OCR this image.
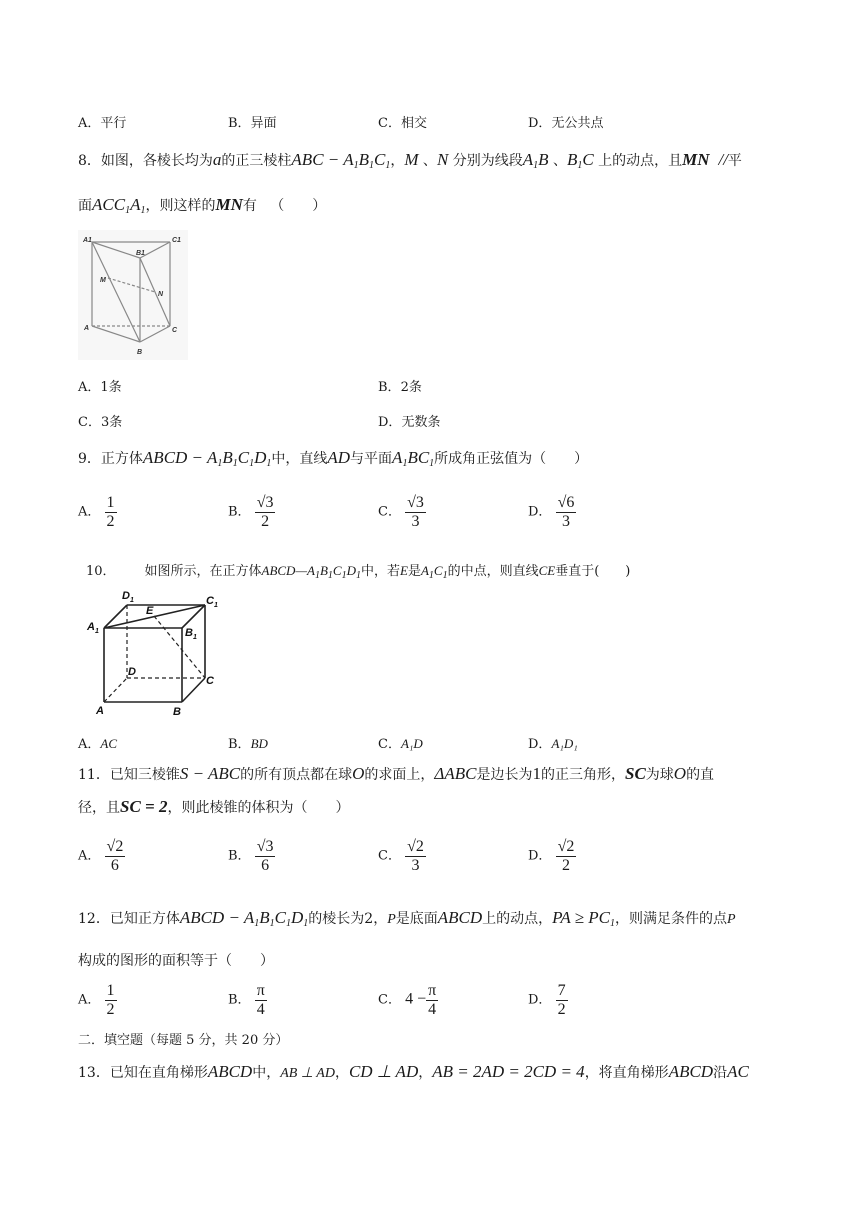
A．平行	B．异面	C．相交	D．无公共点
8．如图，各棱长均为a的正三棱柱ABC − $A_1B_1C_1$，M 、N 分别为线段$A_1B$ 、$B_1C$ 上的动点，且MN //平
面$ACC_1A_1$，则这样的MN有 （　　）
A1
B1
C1
M
N
A	C
B
A．1条	B．2条
C．3条	D．无数条
9．正方体ABCD − $A_1B_1C_1D_1$中，直线AD与平面$A_1BC_1$所成角正弦值为（　　）
A． $\frac{1}{2}$	B． $\frac{√3}{2}$	C． $\frac{√3}{3}$	D． $\frac{√6}{3}$
10． 如图所示，在正方体$ABCD—A_1B_1C_1D_1$中，若E是$A_1C_1$的中点，则直线CE垂直于(　　)
$D_1$
E
$C_1$
$A_1$	$B_1$
D
C
A	B
A．AC	B．BD	C．A₁D	D．A₁D₁
11．已知三棱锥S − ABC的所有顶点都在球O的求面上，ΔABC是边长为1的正三角形，SC为球O的直
径，且SC = 2，则此棱锥的体积为（　　）
A． $\frac{√2}{6}$	B． $\frac{√3}{6}$	C． $\frac{√2}{3}$	D． $\frac{√2}{2}$
12．已知正方体ABCD − $A_1B_1C_1D_1$的棱长为2，P是底面ABCD上的动点，PA ≥ $PC_1$，则满足条件的点P
构成的图形的面积等于（　　）
A． $\frac{1}{2}$	B． $\frac{\pi}{4}$	C． $4 - \frac{\pi}{4}$	D． $\frac{7}{2}$
二．填空题（每题 5 分，共 20 分）
13．已知在直角梯形ABCD中，AB ⊥ AD，CD ⊥ AD，AB = 2AD = 2CD = 4，将直角梯形ABCD沿AC
